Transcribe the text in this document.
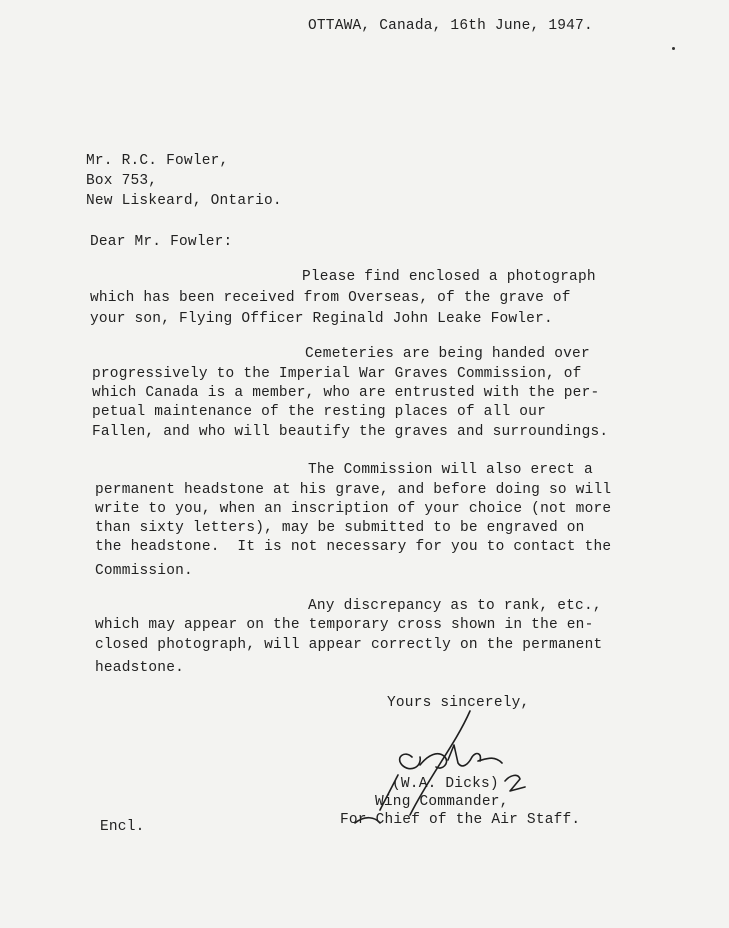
OTTAWA, Canada, 16th June, 1947.
Mr. R.C. Fowler,
Box 753,
New Liskeard, Ontario.
Dear Mr. Fowler:
Please find enclosed a photograph
which has been received from Overseas, of the grave of
your son, Flying Officer Reginald John Leake Fowler.
Cemeteries are being handed over
progressively to the Imperial War Graves Commission, of
which Canada is a member, who are entrusted with the per-
petual maintenance of the resting places of all our
Fallen, and who will beautify the graves and surroundings.
The Commission will also erect a
permanent headstone at his grave, and before doing so will
write to you, when an inscription of your choice (not more
than sixty letters), may be submitted to be engraved on
the headstone.  It is not necessary for you to contact the
Commission.
Any discrepancy as to rank, etc.,
which may appear on the temporary cross shown in the en-
closed photograph, will appear correctly on the permanent
headstone.
Yours sincerely,
(W.A. Dicks)
Wing Commander,
For Chief of the Air Staff.
Encl.
